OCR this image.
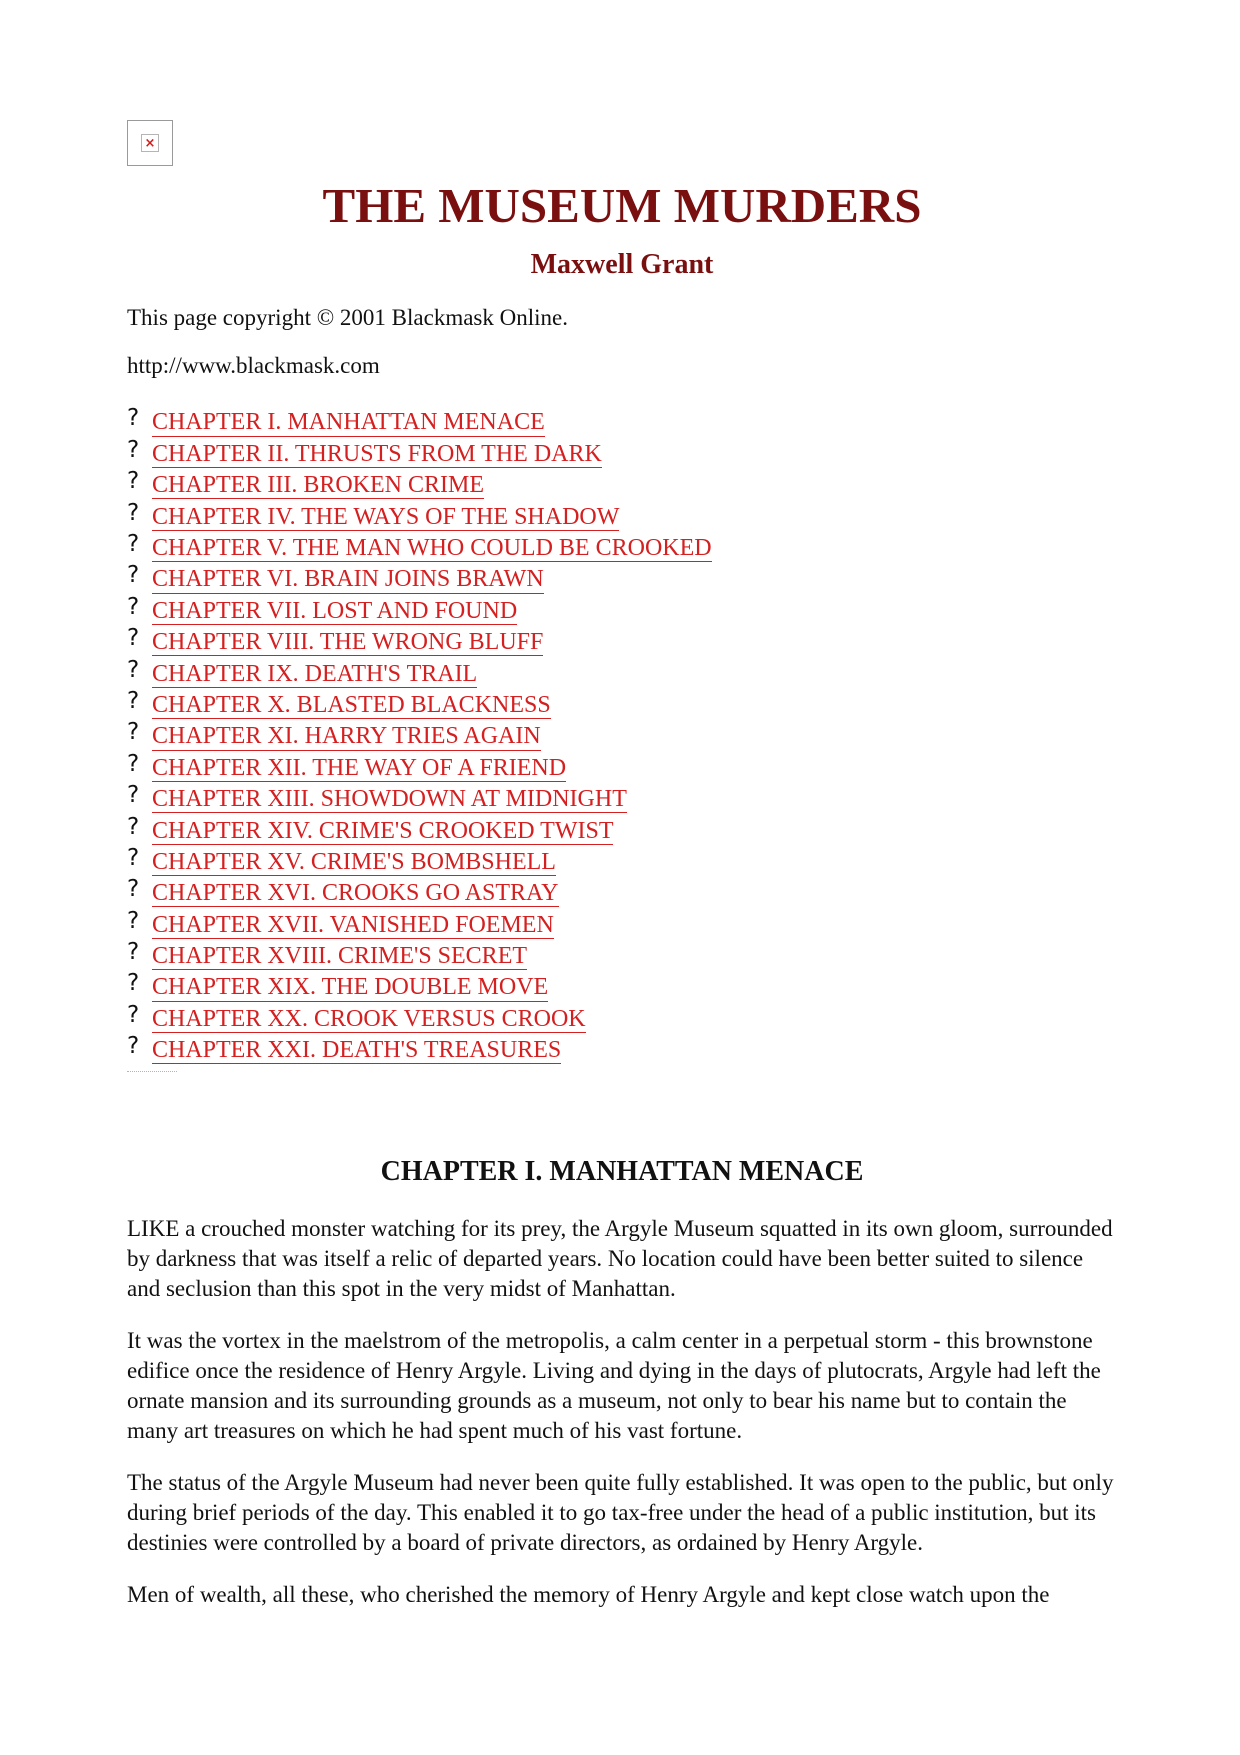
×
THE MUSEUM MURDERS
Maxwell Grant

This page copyright © 2001 Blackmask Online.

http://www.blackmask.com

? CHAPTER I. MANHATTAN MENACE
? CHAPTER II. THRUSTS FROM THE DARK
? CHAPTER III. BROKEN CRIME
? CHAPTER IV. THE WAYS OF THE SHADOW
? CHAPTER V. THE MAN WHO COULD BE CROOKED
? CHAPTER VI. BRAIN JOINS BRAWN
? CHAPTER VII. LOST AND FOUND
? CHAPTER VIII. THE WRONG BLUFF
? CHAPTER IX. DEATH'S TRAIL
? CHAPTER X. BLASTED BLACKNESS
? CHAPTER XI. HARRY TRIES AGAIN
? CHAPTER XII. THE WAY OF A FRIEND
? CHAPTER XIII. SHOWDOWN AT MIDNIGHT
? CHAPTER XIV. CRIME'S CROOKED TWIST
? CHAPTER XV. CRIME'S BOMBSHELL
? CHAPTER XVI. CROOKS GO ASTRAY
? CHAPTER XVII. VANISHED FOEMEN
? CHAPTER XVIII. CRIME'S SECRET
? CHAPTER XIX. THE DOUBLE MOVE
? CHAPTER XX. CROOK VERSUS CROOK
? CHAPTER XXI. DEATH'S TREASURES
CHAPTER I. MANHATTAN MENACE

LIKE a crouched monster watching for its prey, the Argyle Museum squatted in its own gloom, surrounded by darkness that was itself a relic of departed years. No location could have been better suited to silence and seclusion than this spot in the very midst of Manhattan.

It was the vortex in the maelstrom of the metropolis, a calm center in a perpetual storm - this brownstone edifice once the residence of Henry Argyle. Living and dying in the days of plutocrats, Argyle had left the ornate mansion and its surrounding grounds as a museum, not only to bear his name but to contain the many art treasures on which he had spent much of his vast fortune.

The status of the Argyle Museum had never been quite fully established. It was open to the public, but only during brief periods of the day. This enabled it to go tax-free under the head of a public institution, but its destinies were controlled by a board of private directors, as ordained by Henry Argyle.

Men of wealth, all these, who cherished the memory of Henry Argyle and kept close watch upon the
